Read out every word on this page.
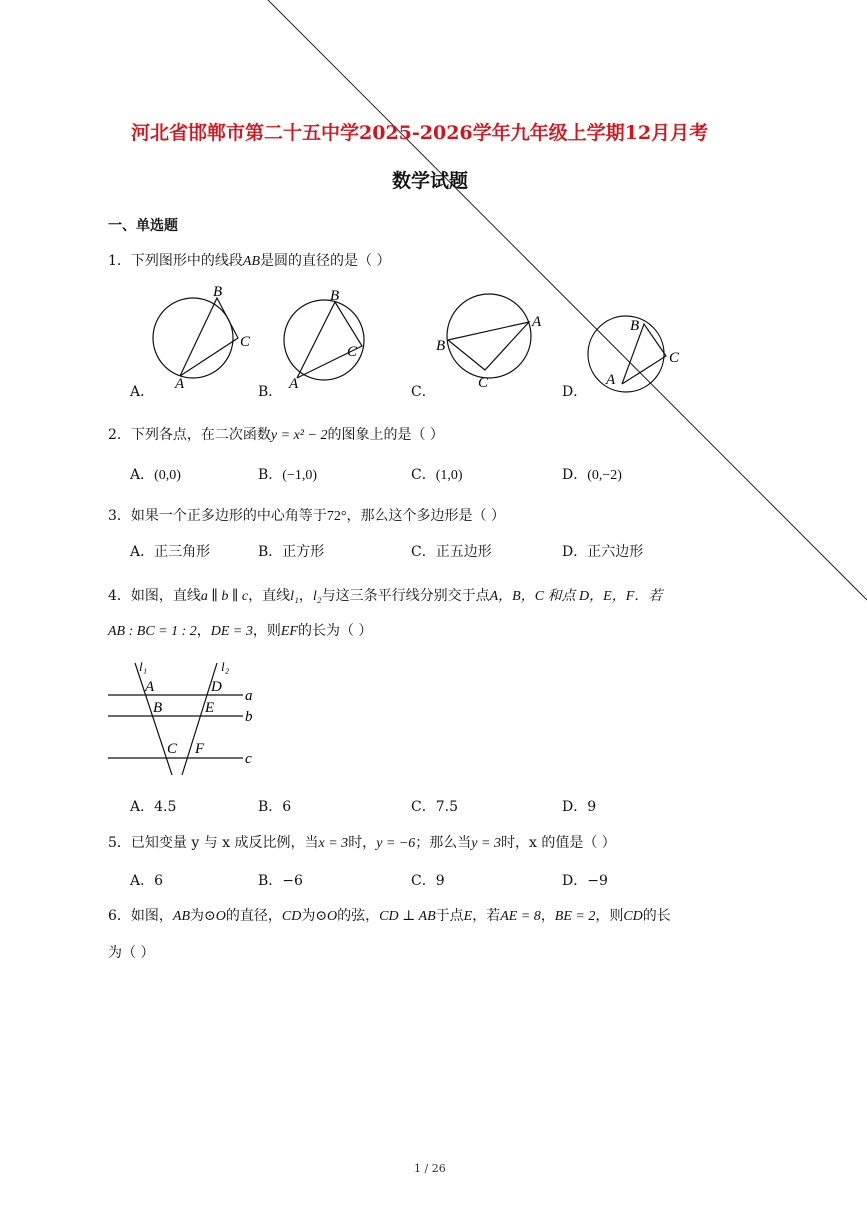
河北省邯郸市第二十五中学2025-2026学年九年级上学期12月月考
数学试题
一、单选题
1．下列图形中的线段AB是圆的直径的是（ ）
B
C
A
A．
B
C
A
B．
A
B
C
C．
B
C
A
D．
2．下列各点，在二次函数y = x² − 2的图象上的是（ ）
A．(0,0)	B．(−1,0)	C．(1,0)	D．(0,−2)
3．如果一个正多边形的中心角等于72°，那么这个多边形是（ ）
A．正三角形	B．正方形	C．正五边形	D．正六边形
4．如图，直线a ∥ b ∥ c，直线l₁，l₂与这三条平行线分别交于点A，B，C 和点 D，E，F．若
AB : BC = 1 : 2，DE = 3，则EF的长为（ ）
l₁	l₂
A	D
a
B	E
b
C F
c
A．4.5	B．6	C．7.5	D．9
5．已知变量 y 与 x 成反比例，当x = 3时，y = −6；那么当y = 3时，x 的值是（ ）
A．6	B．−6	C．9	D．−9
6．如图，AB为⊙O的直径，CD为⊙O的弦，CD ⊥ AB于点E，若AE = 8，BE = 2，则CD的长
为（ ）
1 / 26
